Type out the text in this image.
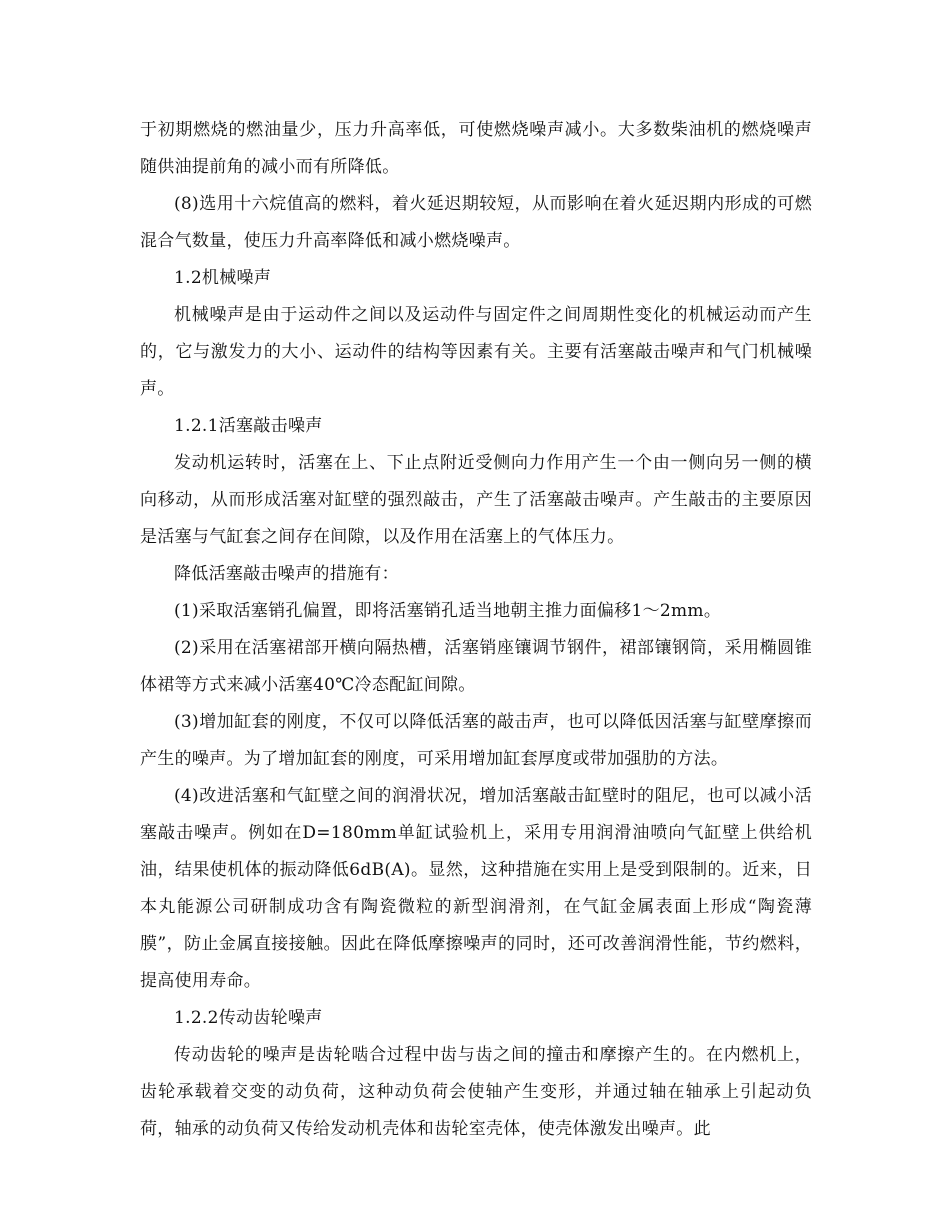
于初期燃烧的燃油量少，压力升高率低，可使燃烧噪声减小。大多数柴油机的燃烧噪声随供油提前角的减小而有所降低。

(8)选用十六烷值高的燃料，着火延迟期较短，从而影响在着火延迟期内形成的可燃混合气数量，使压力升高率降低和减小燃烧噪声。

1.2机械噪声

机械噪声是由于运动件之间以及运动件与固定件之间周期性变化的机械运动而产生的，它与激发力的大小、运动件的结构等因素有关。主要有活塞敲击噪声和气门机械噪声。

1.2.1活塞敲击噪声

发动机运转时，活塞在上、下止点附近受侧向力作用产生一个由一侧向另一侧的横向移动，从而形成活塞对缸壁的强烈敲击，产生了活塞敲击噪声。产生敲击的主要原因是活塞与气缸套之间存在间隙，以及作用在活塞上的气体压力。

降低活塞敲击噪声的措施有：

(1)采取活塞销孔偏置，即将活塞销孔适当地朝主推力面偏移1～2mm。

(2)采用在活塞裙部开横向隔热槽，活塞销座镶调节钢件，裙部镶钢筒，采用椭圆锥体裙等方式来减小活塞40℃冷态配缸间隙。

(3)增加缸套的刚度，不仅可以降低活塞的敲击声，也可以降低因活塞与缸壁摩擦而产生的噪声。为了增加缸套的刚度，可采用增加缸套厚度或带加强肋的方法。

(4)改进活塞和气缸壁之间的润滑状况，增加活塞敲击缸壁时的阻尼，也可以减小活塞敲击噪声。例如在D=180mm单缸试验机上，采用专用润滑油喷向气缸壁上供给机油，结果使机体的振动降低6dB(A)。显然，这种措施在实用上是受到限制的。近来，日本丸能源公司研制成功含有陶瓷微粒的新型润滑剂，在气缸金属表面上形成“陶瓷薄膜”，防止金属直接接触。因此在降低摩擦噪声的同时，还可改善润滑性能，节约燃料，提高使用寿命。

1.2.2传动齿轮噪声

传动齿轮的噪声是齿轮啮合过程中齿与齿之间的撞击和摩擦产生的。在内燃机上，齿轮承载着交变的动负荷，这种动负荷会使轴产生变形，并通过轴在轴承上引起动负荷，轴承的动负荷又传给发动机壳体和齿轮室壳体，使壳体激发出噪声。此
